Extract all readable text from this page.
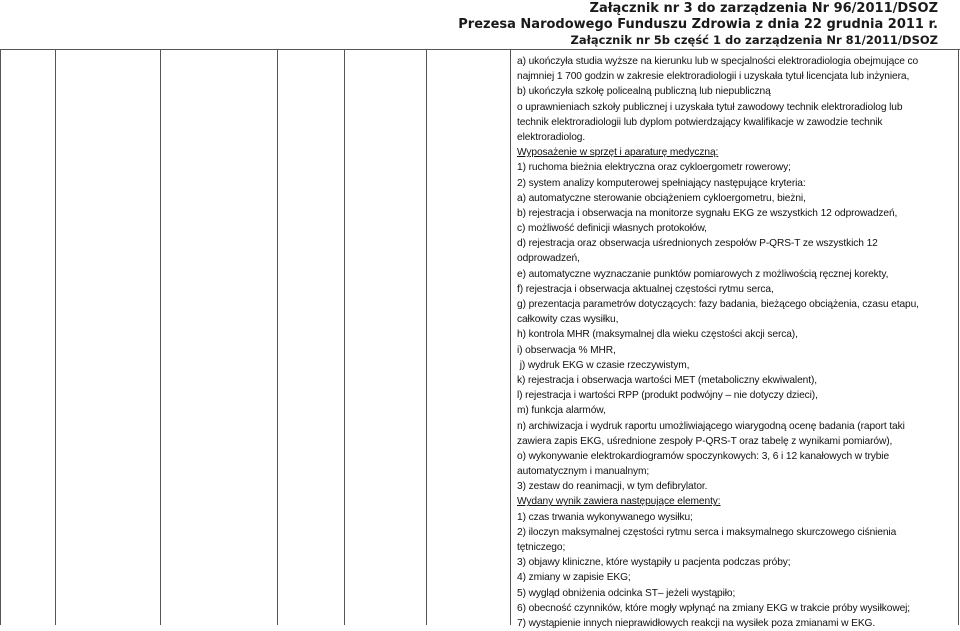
Załącznik nr 3 do zarządzenia Nr 96/2011/DSOZ
Prezesa Narodowego Funduszu Zdrowia z dnia 22 grudnia 2011 r.
Załącznik nr 5b część 1 do zarządzenia Nr 81/2011/DSOZ
a) ukończyła studia wyższe na kierunku lub w specjalności elektroradiologia obejmujące co
najmniej 1 700 godzin w zakresie elektroradiologii i uzyskała tytuł licencjata lub inżyniera,
b) ukończyła szkołę policealną publiczną lub niepubliczną
o uprawnieniach szkoły publicznej i uzyskała tytuł zawodowy technik elektroradiolog lub
technik elektroradiologii lub dyplom potwierdzający kwalifikacje w zawodzie technik
elektroradiolog.
Wyposażenie w sprzęt i aparaturę medyczną:
1) ruchoma bieżnia elektryczna oraz cykloergometr rowerowy;
2) system analizy komputerowej spełniający następujące kryteria:
a) automatyczne sterowanie obciążeniem cykloergometru, bieżni,
b) rejestracja i obserwacja na monitorze sygnału EKG ze wszystkich 12 odprowadzeń,
c) możliwość definicji własnych protokołów,
d) rejestracja oraz obserwacja uśrednionych zespołów P-QRS-T ze wszystkich 12
odprowadzeń,
e) automatyczne wyznaczanie punktów pomiarowych z możliwością ręcznej korekty,
f) rejestracja i obserwacja aktualnej częstości rytmu serca,
g) prezentacja parametrów dotyczących: fazy badania, bieżącego obciążenia, czasu etapu,
całkowity czas wysiłku,
h) kontrola MHR (maksymalnej dla wieku częstości akcji serca),
i) obserwacja % MHR,
j) wydruk EKG w czasie rzeczywistym,
k) rejestracja i obserwacja wartości MET (metaboliczny ekwiwalent),
l) rejestracja i wartości RPP (produkt podwójny – nie dotyczy dzieci),
m) funkcja alarmów,
n) archiwizacja i wydruk raportu umożliwiającego wiarygodną ocenę badania (raport taki
zawiera zapis EKG, uśrednione zespoły P-QRS-T oraz tabelę z wynikami pomiarów),
o) wykonywanie elektrokardiogramów spoczynkowych: 3, 6 i 12 kanałowych w trybie
automatycznym i manualnym;
3) zestaw do reanimacji, w tym defibrylator.
Wydany wynik zawiera następujące elementy:
1) czas trwania wykonywanego wysiłku;
2) iloczyn maksymalnej częstości rytmu serca i maksymalnego skurczowego ciśnienia
tętniczego;
3) objawy kliniczne, które wystąpiły u pacjenta podczas próby;
4) zmiany w zapisie EKG;
5) wygląd obniżenia odcinka ST– jeżeli wystąpiło;
6) obecność czynników, które mogły wpłynąć na zmiany EKG w trakcie próby wysiłkowej;
7) wystąpienie innych nieprawidłowych reakcji na wysiłek poza zmianami w EKG.
